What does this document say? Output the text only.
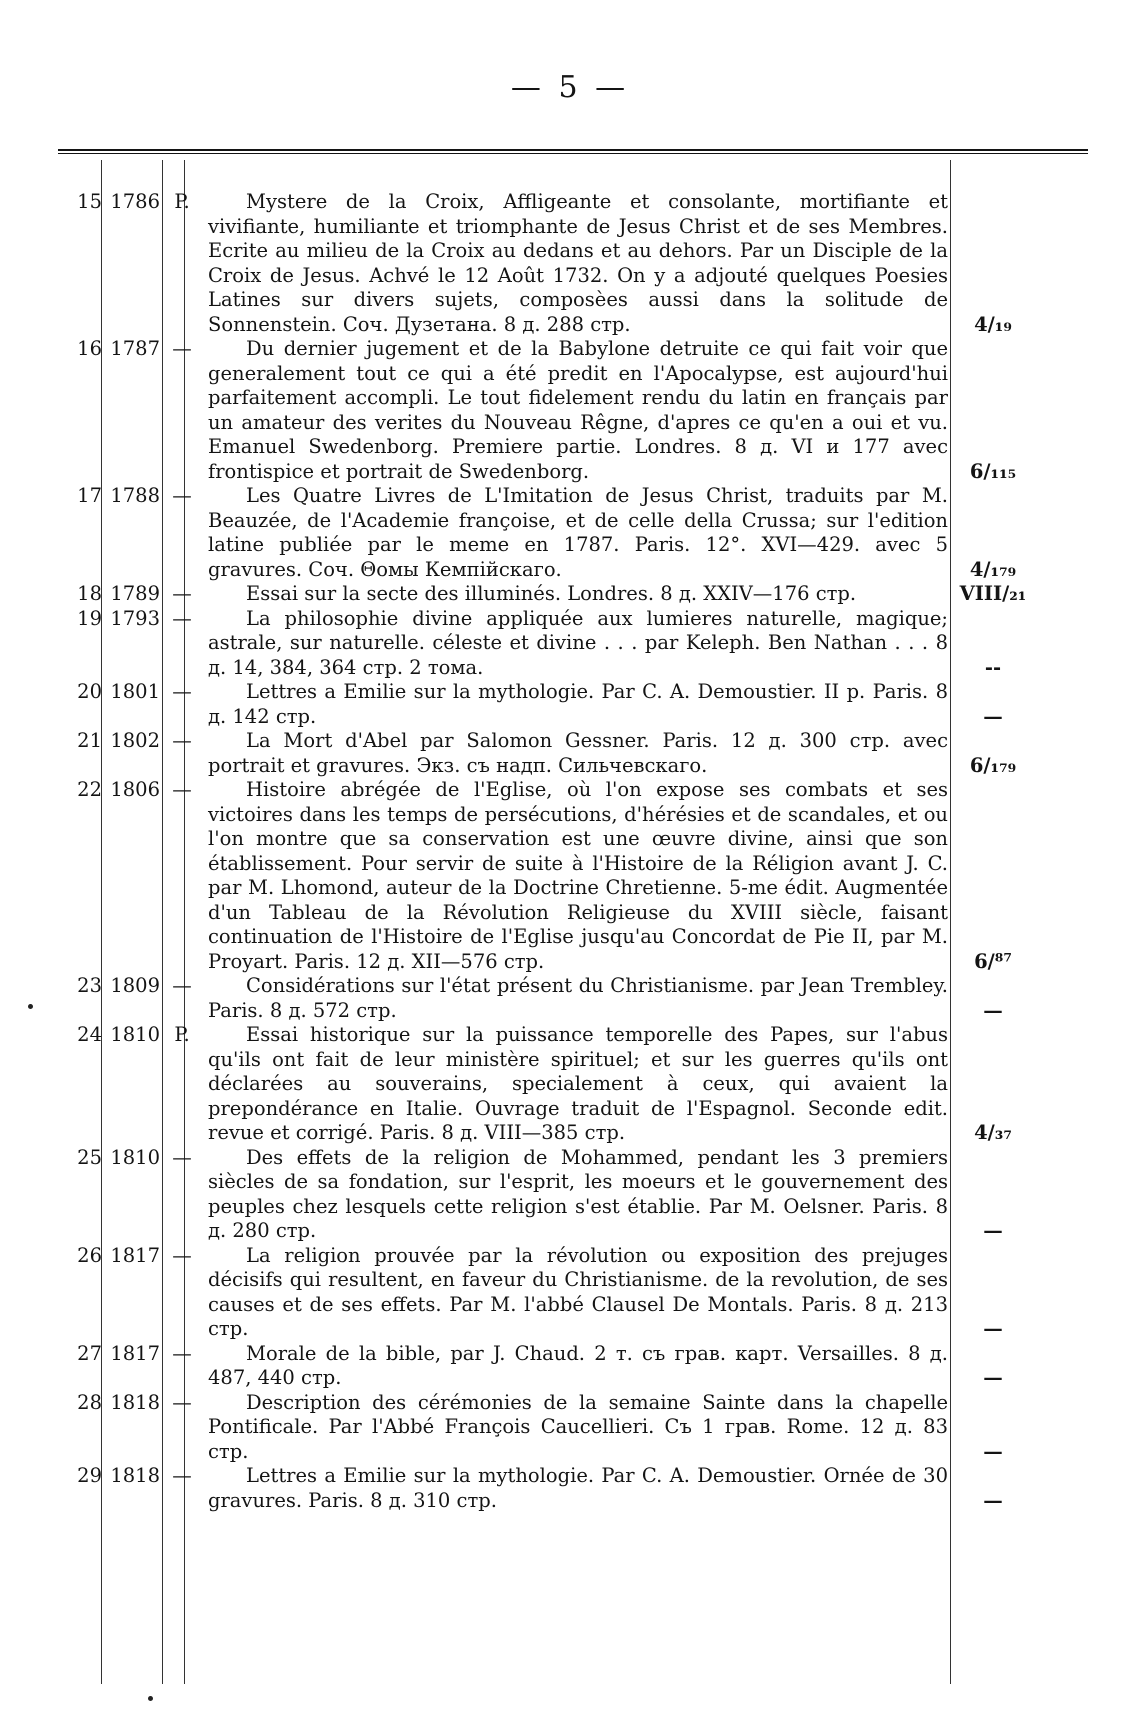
— 5 —
15 1786 P.	Mystere de la Croix, Affligeante et consolante, mortifiante et vivifiante, humiliante et triomphante de Jesus Christ et de ses Membres. Ecrite au milieu de la Croix au dedans et au dehors. Par un Disciple de la Croix de Jesus. Achvé le 12 Août 1732. On y a adjouté quelques Poesies Latines sur divers sujets, composèes aussi dans la solitude de Sonnenstein. Соч. Дузетана. 8 д. 288 стр.	4/₁₉
16 1787 —	Du dernier jugement et de la Babylone detruite ce qui fait voir que generalement tout ce qui a été predit en l'Apocalypse, est aujourd'hui parfaitement accompli. Le tout fidelement rendu du latin en français par un amateur des verites du Nouveau Rêgne, d'apres ce qu'en a oui et vu. Emanuel Swedenborg. Premiere partie. Londres. 8 д. VI и 177 avec frontispice et portrait de Swedenborg.	6/₁₁₅
17 1788 —	Les Quatre Livres de L'Imitation de Jesus Christ, traduits par M. Beauzée, de l'Academie françoise, et de celle della Crussa; sur l'edition latine publiée par le meme en 1787. Paris. 12°. XVI—429. avec 5 gravures. Соч. Θомы Кемпійскаго.	4/₁₇₉
18 1789 —	Essai sur la secte des illuminés. Londres. 8 д. XXIV—176 стр.	VIII/₂₁
19 1793 —	La philosophie divine appliquée aux lumieres naturelle, magique; astrale, sur naturelle. céleste et divine . . . par Keleph. Ben Nathan . . . 8 д. 14, 384, 364 стр. 2 тома.	--
20 1801 —	Lettres a Emilie sur la mythologie. Par C. A. Demoustier. II p. Paris. 8 д. 142 стр.	—
21 1802 —	La Mort d'Abel par Salomon Gessner. Paris. 12 д. 300 стр. avec portrait et gravures. Экз. съ надп. Сильчевскаго.	6/₁₇₉
22 1806 —	Histoire abrégée de l'Eglise, où l'on expose ses combats et ses victoires dans les temps de persécutions, d'hérésies et de scandales, et ou l'on montre que sa conservation est une œuvre divine, ainsi que son établissement. Pour servir de suite à l'Histoire de la Réligion avant J. C. par M. Lhomond, auteur de la Doctrine Chretienne. 5-me édit. Augmentée d'un Tableau de la Révolution Religieuse du XVIII siècle, faisant continuation de l'Histoire de l'Eglise jusqu'au Concordat de Pie II, par M. Proyart. Paris. 12 д. XII—576 стр.	6/⁸⁷
23 1809 —	Considérations sur l'état présent du Christianisme. par Jean Trembley. Paris. 8 д. 572 стр.	—
24 1810 P.	Essai historique sur la puissance temporelle des Papes, sur l'abus qu'ils ont fait de leur ministère spirituel; et sur les guerres qu'ils ont déclarées au souverains, specialement à ceux, qui avaient la prepondérance en Italie. Ouvrage traduit de l'Espagnol. Seconde edit. revue et corrigé. Paris. 8 д. VIII—385 стр.	4/₃₇
25 1810 —	Des effets de la religion de Mohammed, pendant les 3 premiers siècles de sa fondation, sur l'esprit, les moeurs et le gouvernement des peuples chez lesquels cette religion s'est établie. Par M. Oelsner. Paris. 8 д. 280 стр.	—
26 1817 —	La religion prouvée par la révolution ou exposition des prejuges décisifs qui resultent, en faveur du Christianisme. de la revolution, de ses causes et de ses effets. Par M. l'abbé Clausel De Montals. Paris. 8 д. 213 стр.	—
27 1817 —	Morale de la bible, par J. Chaud. 2 т. съ грав. карт. Versailles. 8 д. 487, 440 стр.	—
28 1818 —	Description des cérémonies de la semaine Sainte dans la chapelle Pontificale. Par l'Abbé François Caucellieri. Съ 1 грав. Rome. 12 д. 83 стр.	—
29 1818 —	Lettres a Emilie sur la mythologie. Par C. A. Demoustier. Ornée de 30 gravures. Paris. 8 д. 310 стр.	—
